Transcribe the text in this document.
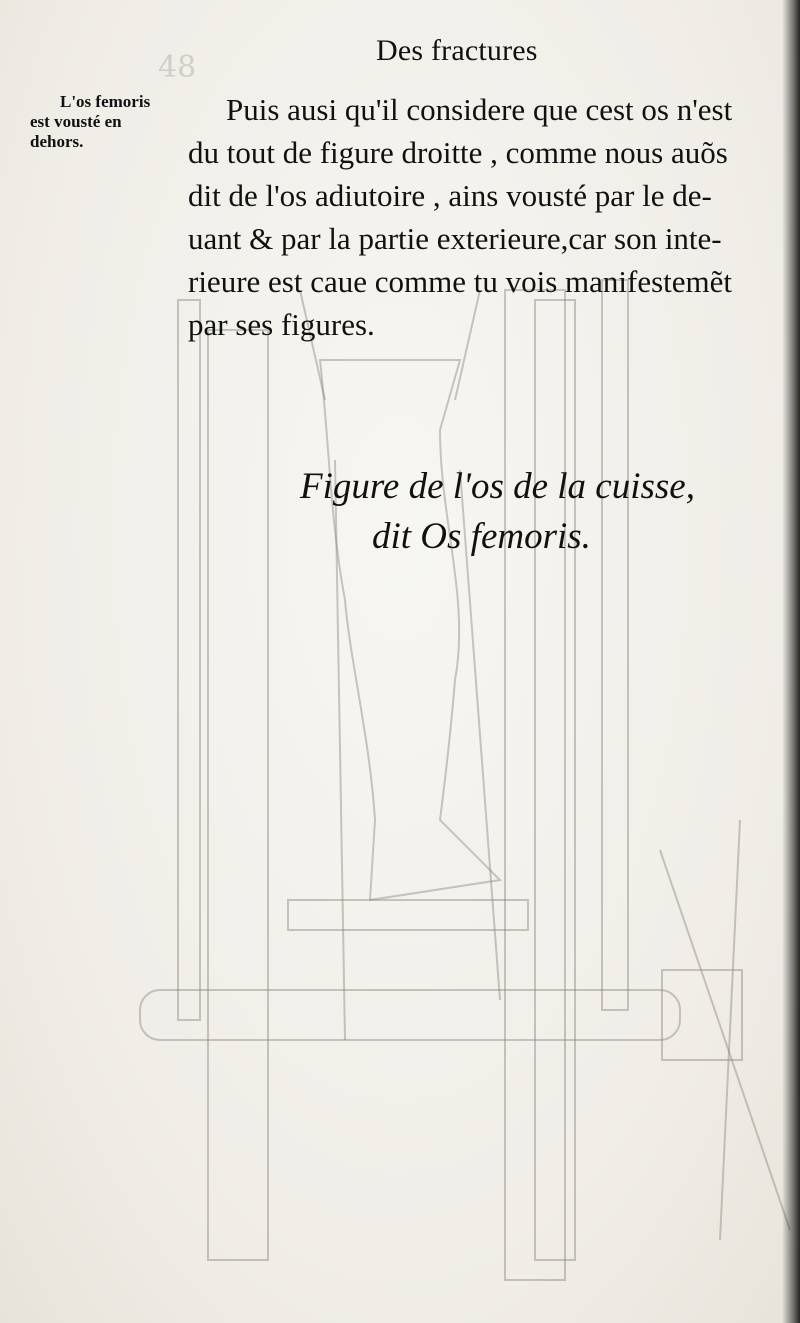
48	Des fractures
L'os femoris
est vousté en
dehors.
Puis ausi qu'il considere que cest os n'est
du tout de figure droitte , comme nous auõs
dit de l'os adiutoire , ains vousté par le de-
uant & par la partie exterieure,car son inte-
rieure est caue comme tu vois manifestemẽt
par ses figures.
Figure de l'os de la cuisse,
dit Os femoris.
